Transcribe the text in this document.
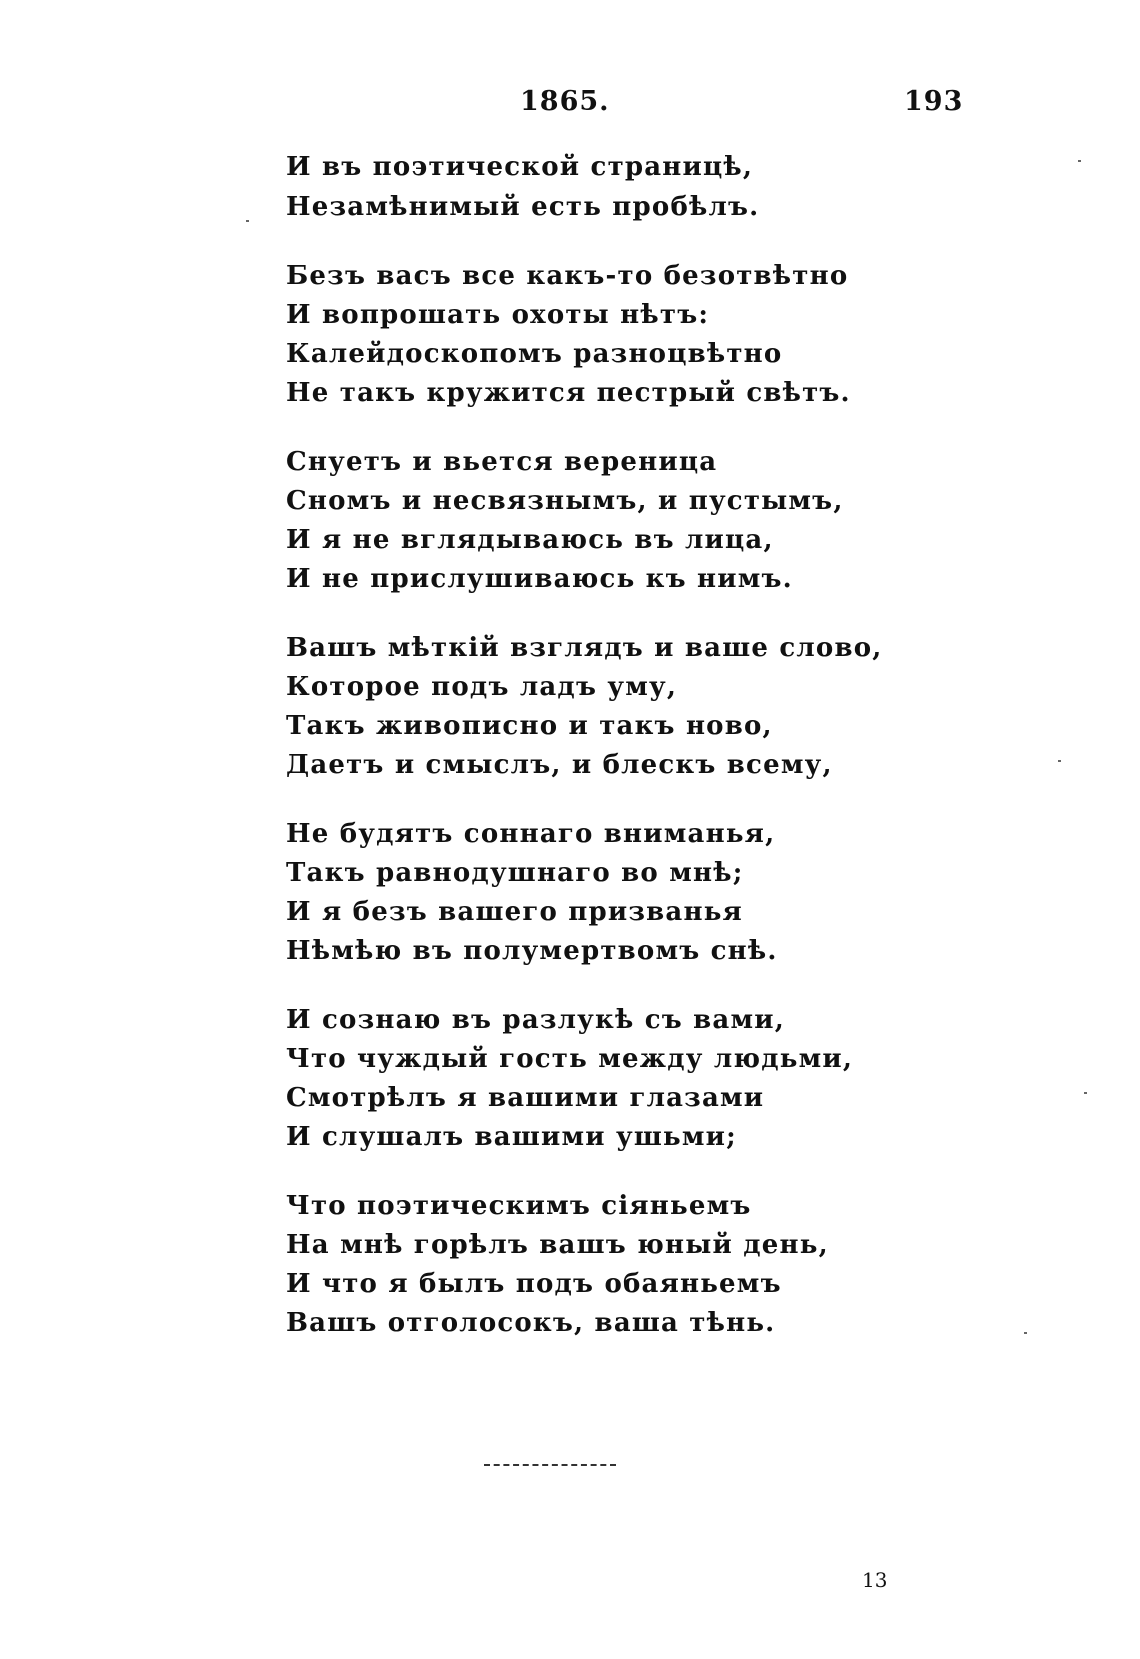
1865.	193
И въ поэтической страницѣ,
Незамѣнимый есть пробѣлъ.
Безъ васъ все какъ-то безотвѣтно
И вопрошать охоты нѣтъ:
Калейдоскопомъ разноцвѣтно
Не такъ кружится пестрый свѣтъ.
Снуетъ и вьется вереница
Сномъ и несвязнымъ, и пустымъ,
И я не вглядываюсь въ лица,
И не прислушиваюсь къ нимъ.
Вашъ мѣткій взглядъ и ваше слово,
Которое подъ ладъ уму,
Такъ живописно и такъ ново,
Даетъ и смыслъ, и блескъ всему,
Не будятъ соннаго вниманья,
Такъ равнодушнаго во мнѣ;
И я безъ вашего призванья
Нѣмѣю въ полумертвомъ снѣ.
И сознаю въ разлукѣ съ вами,
Что чуждый гость между людьми,
Смотрѣлъ я вашими глазами
И слушалъ вашими ушьми;
Что поэтическимъ сіяньемъ
На мнѣ горѣлъ вашъ юный день,
И что я былъ подъ обаяньемъ
Вашъ отголосокъ, ваша тѣнь.
13
